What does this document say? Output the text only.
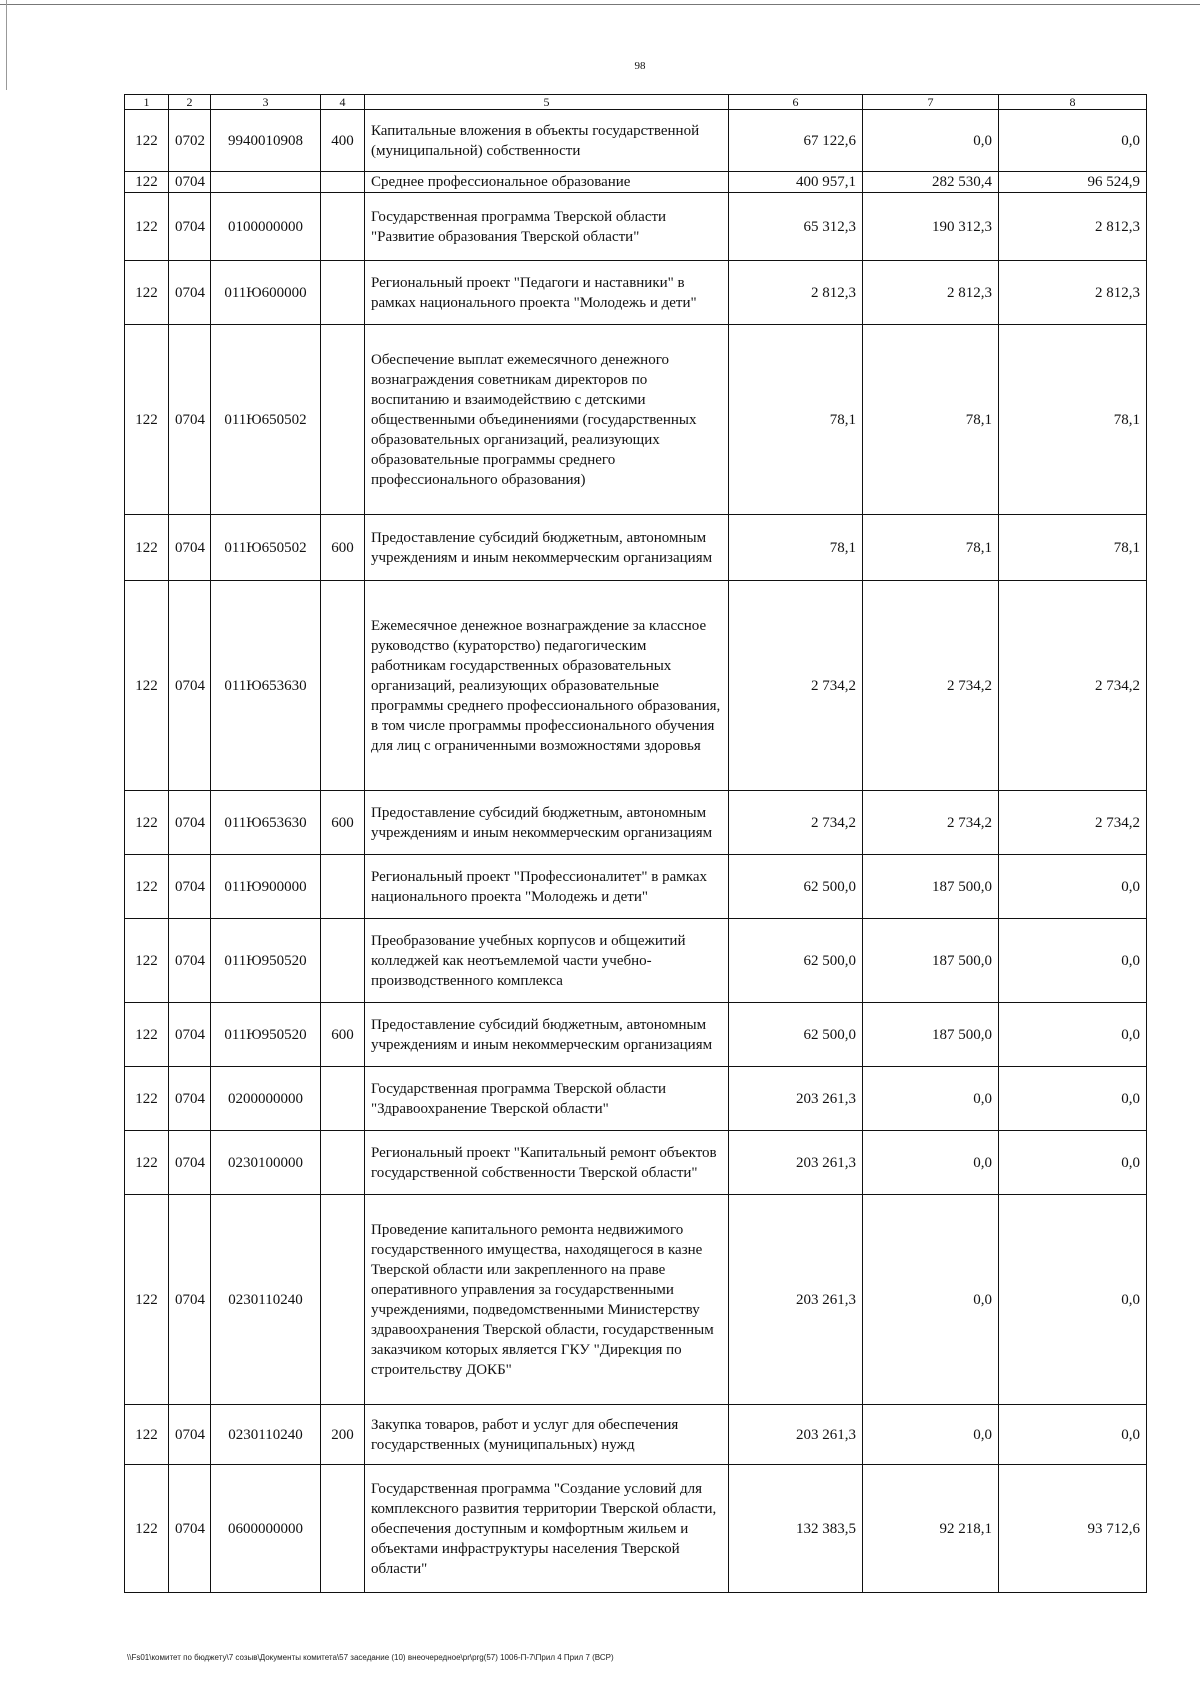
98
1	2	3	4	5	6	7	8
122	0702	9940010908	400	Капитальные вложения в объекты государственной (муниципальной) собственности	67 122,6	0,0	0,0
122	0704			Среднее профессиональное образование	400 957,1	282 530,4	96 524,9
122	0704	0100000000		Государственная программа Тверской области "Развитие образования Тверской области"	65 312,3	190 312,3	2 812,3
122	0704	011Ю600000		Региональный проект "Педагоги и наставники" в рамках национального проекта "Молодежь и дети"	2 812,3	2 812,3	2 812,3
122	0704	011Ю650502		Обеспечение выплат ежемесячного денежного вознаграждения советникам директоров по воспитанию и взаимодействию с детскими общественными объединениями (государственных образовательных организаций, реализующих образовательные программы среднего профессионального образования)	78,1	78,1	78,1
122	0704	011Ю650502	600	Предоставление субсидий бюджетным, автономным учреждениям и иным некоммерческим организациям	78,1	78,1	78,1
122	0704	011Ю653630		Ежемесячное денежное вознаграждение за классное руководство (кураторство) педагогическим работникам государственных образовательных организаций, реализующих образовательные программы среднего профессионального образования, в том числе программы профессионального обучения для лиц с ограниченными возможностями здоровья	2 734,2	2 734,2	2 734,2
122	0704	011Ю653630	600	Предоставление субсидий бюджетным, автономным учреждениям и иным некоммерческим организациям	2 734,2	2 734,2	2 734,2
122	0704	011Ю900000		Региональный проект "Профессионалитет" в рамках национального проекта "Молодежь и дети"	62 500,0	187 500,0	0,0
122	0704	011Ю950520		Преобразование учебных корпусов и общежитий колледжей как неотъемлемой части учебно-производственного комплекса	62 500,0	187 500,0	0,0
122	0704	011Ю950520	600	Предоставление субсидий бюджетным, автономным учреждениям и иным некоммерческим организациям	62 500,0	187 500,0	0,0
122	0704	0200000000		Государственная программа Тверской области "Здравоохранение Тверской области"	203 261,3	0,0	0,0
122	0704	0230100000		Региональный проект "Капитальный ремонт объектов государственной собственности Тверской области"	203 261,3	0,0	0,0
122	0704	0230110240		Проведение капитального ремонта недвижимого государственного имущества, находящегося в казне Тверской области или закрепленного на праве оперативного управления за государственными учреждениями, подведомственными Министерству здравоохранения Тверской области, государственным заказчиком которых является ГКУ "Дирекция по строительству ДОКБ"	203 261,3	0,0	0,0
122	0704	0230110240	200	Закупка товаров, работ и услуг для обеспечения государственных (муниципальных) нужд	203 261,3	0,0	0,0
122	0704	0600000000		Государственная программа "Создание условий для комплексного развития территории Тверской области, обеспечения доступным и комфортным жильем и объектами инфраструктуры населения Тверской области"	132 383,5	92 218,1	93 712,6
\\Fs01\комитет по бюджету\7 созыв\Документы комитета\57 заседание (10) внеочередное\pr\prg(57) 1006-П-7\Прил 4 Прил 7 (ВСР)
